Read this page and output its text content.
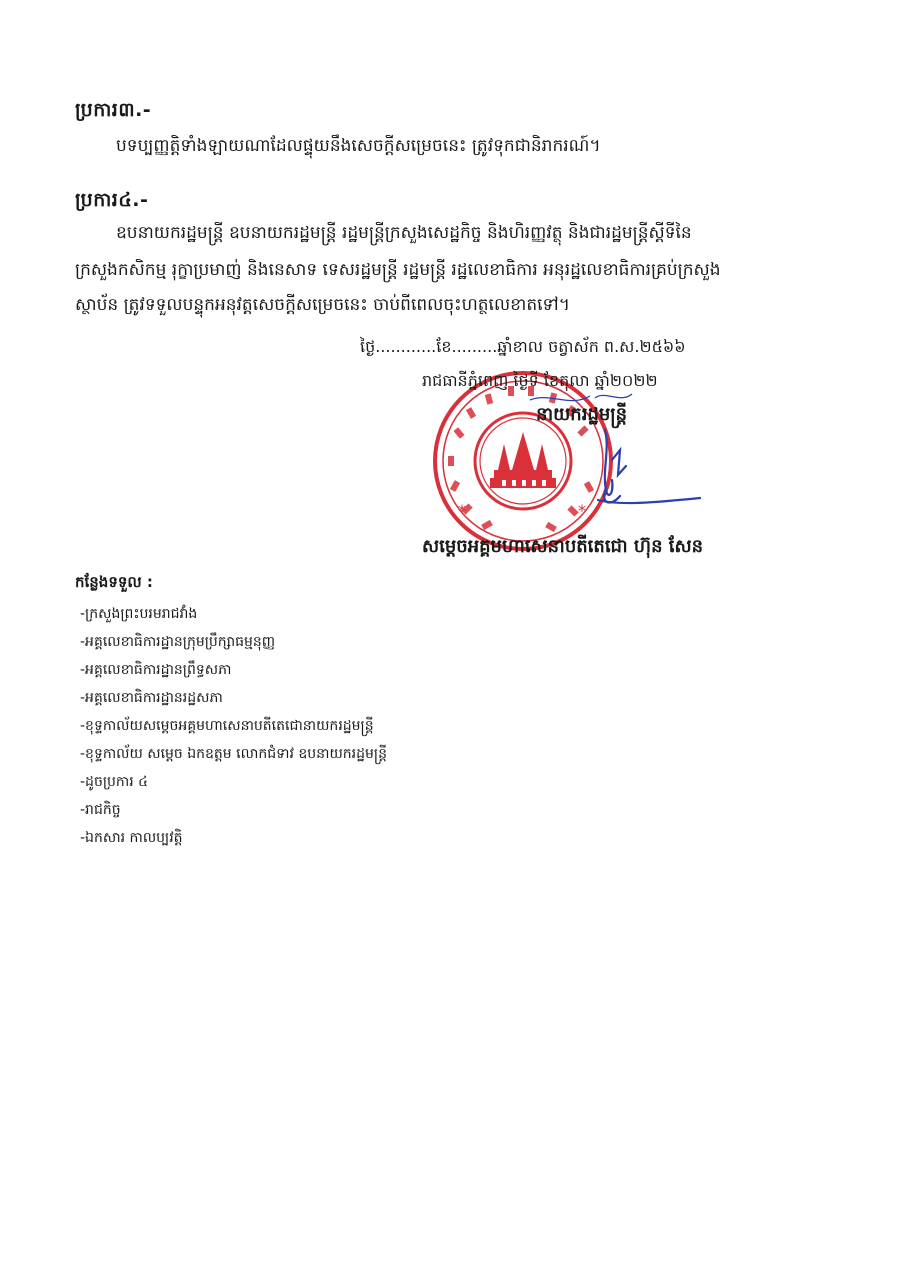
ប្រការ៣.-
បទប្បញ្ញត្តិទាំងឡាយណាដែលផ្ទុយនឹងសេចក្តីសម្រេចនេះ ត្រូវទុកជានិរាករណ៍។
ប្រការ៤.-
ឧបនាយករដ្ឋមន្ត្រី ឧបនាយករដ្ឋមន្ត្រី រដ្ឋមន្ត្រីក្រសួងសេដ្ឋកិច្ច និងហិរញ្ញវត្ថុ និងជារដ្ឋមន្ត្រីស្តីទីនៃ
ក្រសួងកសិកម្ម រុក្ខាប្រមាញ់ និងនេសាទ ទេសរដ្ឋមន្ត្រី រដ្ឋមន្ត្រី រដ្ឋលេខាធិការ អនុរដ្ឋលេខាធិការគ្រប់ក្រសួង
ស្ថាប័ន ត្រូវទទួលបន្ទុកអនុវត្តសេចក្តីសម្រេចនេះ ចាប់ពីពេលចុះហត្ថលេខាតទៅ។
*	*
ថ្ងៃ............ខែ.........ឆ្នាំខាល ចត្វាស័ក ព.ស.២៥៦៦
រាជធានីភ្នំពេញ ថ្ងៃទី ខែតុលា ឆ្នាំ២០២២
នាយករដ្ឋមន្ត្រី
សម្តេចអគ្គមហាសេនាបតីតេជោ ហ៊ុន សែន
កន្លែងទទួល :
-ក្រសួងព្រះបរមរាជវាំង
-អគ្គលេខាធិការដ្ឋានក្រុមប្រឹក្សាធម្មនុញ្ញ
-អគ្គលេខាធិការដ្ឋានព្រឹទ្ធសភា
-អគ្គលេខាធិការដ្ឋានរដ្ឋសភា
-ខុទ្ទកាល័យសម្តេចអគ្គមហាសេនាបតីតេជោនាយករដ្ឋមន្ត្រី
-ខុទ្ទកាល័យ សម្តេច ឯកឧត្តម លោកជំទាវ ឧបនាយករដ្ឋមន្ត្រី
-ដូចប្រការ ៤
-រាជកិច្ច
-ឯកសារ កាលប្បវត្តិ
